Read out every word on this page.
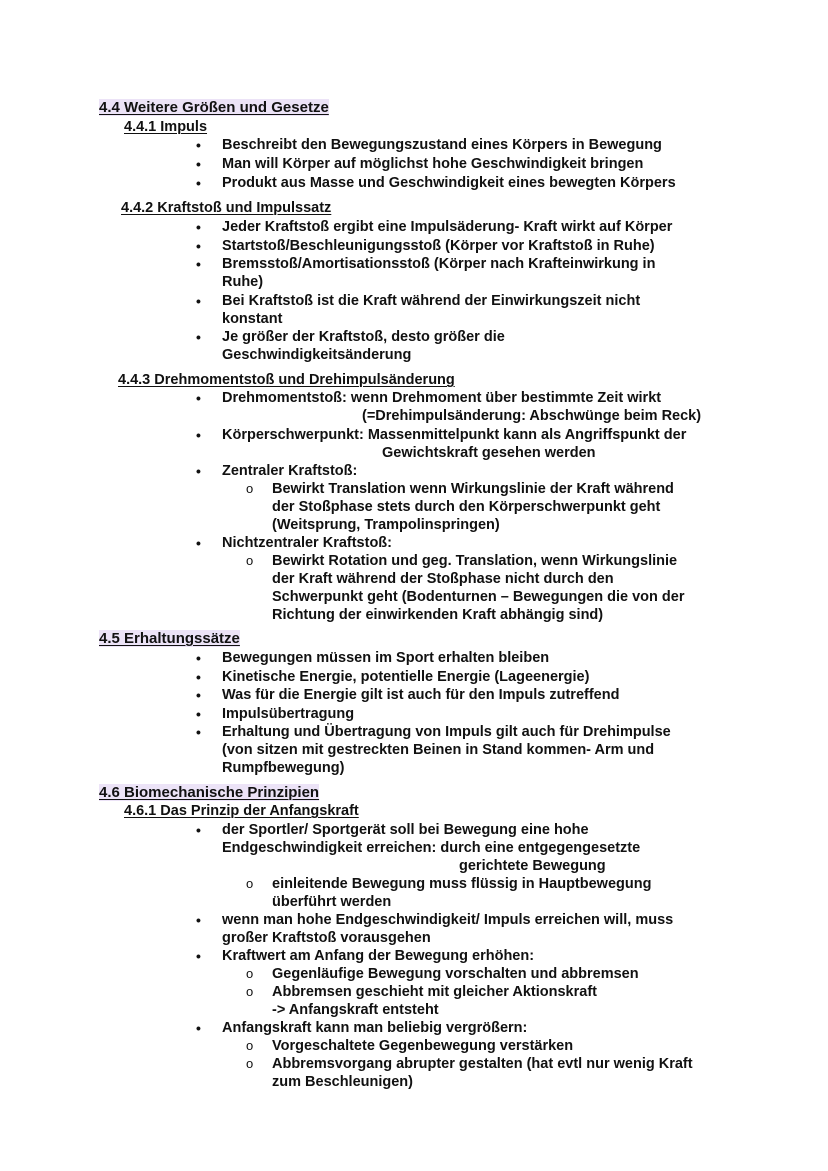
4.4 Weitere Größen und Gesetze
4.4.1 Impuls
• Beschreibt den Bewegungszustand eines Körpers in Bewegung
• Man will Körper auf möglichst hohe Geschwindigkeit bringen
• Produkt aus Masse und Geschwindigkeit eines bewegten Körpers
4.4.2 Kraftstoß und Impulssatz
• Jeder Kraftstoß ergibt eine Impulsäderung- Kraft wirkt auf Körper
• Startstoß/Beschleunigungsstoß (Körper vor Kraftstoß in Ruhe)
• Bremsstoß/Amortisationsstoß (Körper nach Krafteinwirkung in
Ruhe)
• Bei Kraftstoß ist die Kraft während der Einwirkungszeit nicht
konstant
• Je größer der Kraftstoß, desto größer die
Geschwindigkeitsänderung
4.4.3 Drehmomentstoß und Drehimpulsänderung
• Drehmomentstoß: wenn Drehmoment über bestimmte Zeit wirkt
(=Drehimpulsänderung: Abschwünge beim Reck)
• Körperschwerpunkt: Massenmittelpunkt kann als Angriffspunkt der
Gewichtskraft gesehen werden
• Zentraler Kraftstoß:
o Bewirkt Translation wenn Wirkungslinie der Kraft während
der Stoßphase stets durch den Körperschwerpunkt geht
(Weitsprung, Trampolinspringen)
• Nichtzentraler Kraftstoß:
o Bewirkt Rotation und geg. Translation, wenn Wirkungslinie
der Kraft während der Stoßphase nicht durch den
Schwerpunkt geht (Bodenturnen – Bewegungen die von der
Richtung der einwirkenden Kraft abhängig sind)
4.5 Erhaltungssätze
• Bewegungen müssen im Sport erhalten bleiben
• Kinetische Energie, potentielle Energie (Lageenergie)
• Was für die Energie gilt ist auch für den Impuls zutreffend
• Impulsübertragung
• Erhaltung und Übertragung von Impuls gilt auch für Drehimpulse
(von sitzen mit gestreckten Beinen in Stand kommen- Arm und
Rumpfbewegung)
4.6 Biomechanische Prinzipien
4.6.1 Das Prinzip der Anfangskraft
• der Sportler/ Sportgerät soll bei Bewegung eine hohe
Endgeschwindigkeit erreichen: durch eine entgegengesetzte
gerichtete Bewegung
o einleitende Bewegung muss flüssig in Hauptbewegung
überführt werden
• wenn man hohe Endgeschwindigkeit/ Impuls erreichen will, muss
großer Kraftstoß vorausgehen
• Kraftwert am Anfang der Bewegung erhöhen:
o Gegenläufige Bewegung vorschalten und abbremsen
o Abbremsen geschieht mit gleicher Aktionskraft
-> Anfangskraft entsteht
• Anfangskraft kann man beliebig vergrößern:
o Vorgeschaltete Gegenbewegung verstärken
o Abbremsvorgang abrupter gestalten (hat evtl nur wenig Kraft
zum Beschleunigen)
